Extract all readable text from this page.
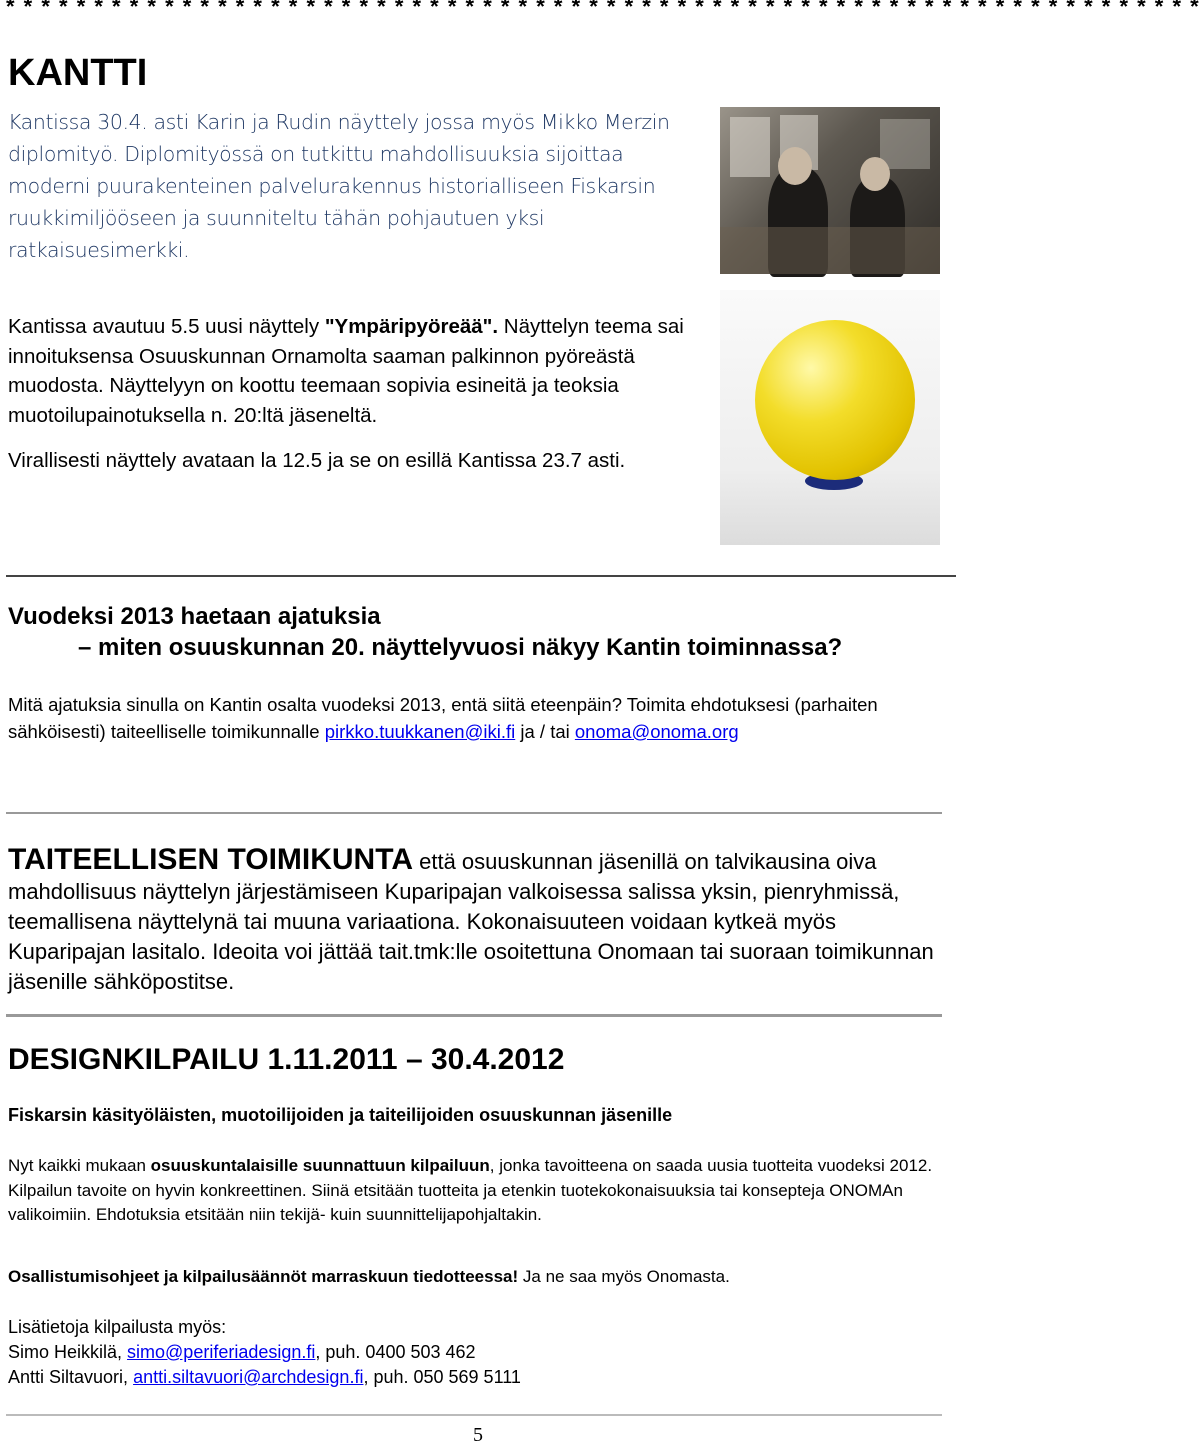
* * * * * * * * * * * * * * * * * * * * * * * * * * * * * * * * * * * * * * * * * * * * * * * * * * * * * * * * * * * * * * * * * * * *
KANTTI
Kantissa 30.4. asti Karin ja Rudin näyttely jossa myös Mikko Merzin diplomityö. Diplomityössä on tutkittu mahdollisuuksia sijoittaa moderni puurakenteinen palvelurakennus historialliseen Fiskarsin ruukkimiljööseen ja suunniteltu tähän pohjautuen yksi ratkaisuesimerkki.

Kantissa avautuu 5.5 uusi näyttely "Ympäripyöreää". Näyttelyn teema sai innoituksensa Osuuskunnan Ornamolta saaman palkinnon pyöreästä muodosta. Näyttelyyn on koottu teemaan sopivia esineitä ja teoksia muotoilupainotuksella n. 20:ltä jäseneltä.

Virallisesti näyttely avataan la 12.5 ja se on esillä Kantissa 23.7 asti.

Vuodeksi 2013 haetaan ajatuksia
– miten osuuskunnan 20. näyttelyvuosi näkyy Kantin toiminnassa?
Mitä ajatuksia sinulla on Kantin osalta vuodeksi 2013, entä siitä eteenpäin? Toimita ehdotuksesi (parhaiten sähköisesti) taiteelliselle toimikunnalle pirkko.tuukkanen@iki.fi ja / tai onoma@onoma.org
TAITEELLISEN TOIMIKUNTA että osuuskunnan jäsenillä on talvikausina oiva mahdollisuus näyttelyn järjestämiseen Kuparipajan valkoisessa salissa yksin, pienryhmissä, teemallisena näyttelynä tai muuna variaationa. Kokonaisuuteen voidaan kytkeä myös Kuparipajan lasitalo. Ideoita voi jättää tait.tmk:lle osoitettuna Onomaan tai suoraan toimikunnan jäsenille sähköpostitse.
DESIGNKILPAILU 1.11.2011 – 30.4.2012
Fiskarsin käsityöläisten, muotoilijoiden ja taiteilijoiden osuuskunnan jäsenille
Nyt kaikki mukaan osuuskuntalaisille suunnattuun kilpailuun, jonka tavoitteena on saada uusia tuotteita vuodeksi 2012. Kilpailun tavoite on hyvin konkreettinen. Siinä etsitään tuotteita ja etenkin tuotekokonaisuuksia tai konsepteja ONOMAn valikoimiin. Ehdotuksia etsitään niin tekijä- kuin suunnittelijapohjaltakin.
Osallistumisohjeet ja kilpailusäännöt marraskuun tiedotteessa! Ja ne saa myös Onomasta.
Lisätietoja kilpailusta myös:
Simo Heikkilä, simo@periferiadesign.fi, puh. 0400 503 462
Antti Siltavuori, antti.siltavuori@archdesign.fi, puh. 050 569 5111
5
